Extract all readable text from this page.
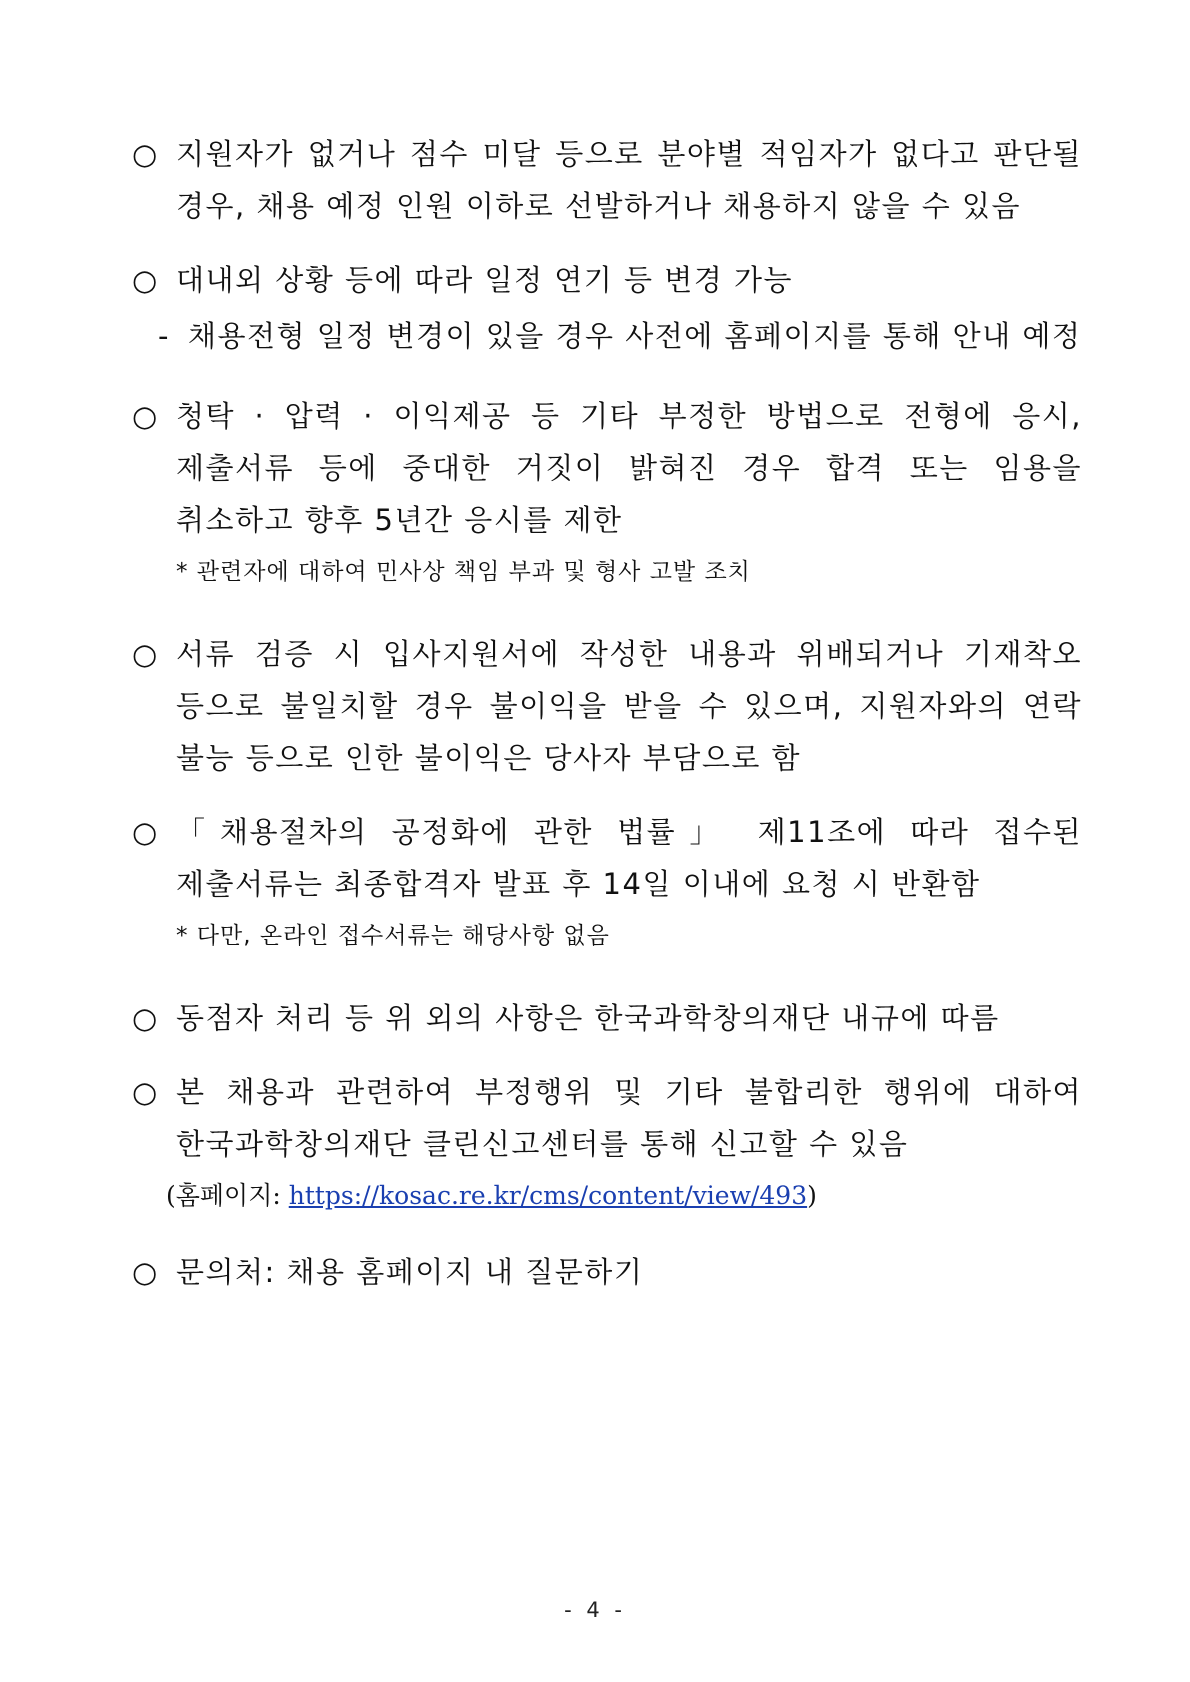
○ 지원자가 없거나 점수 미달 등으로 분야별 적임자가 없다고 판단될 경우, 채용 예정 인원 이하로 선발하거나 채용하지 않을 수 있음
○ 대내외 상황 등에 따라 일정 연기 등 변경 가능
- 채용전형 일정 변경이 있을 경우 사전에 홈페이지를 통해 안내 예정
○ 청탁 · 압력 · 이익제공 등 기타 부정한 방법으로 전형에 응시, 제출서류 등에 중대한 거짓이 밝혀진 경우 합격 또는 임용을 취소하고 향후 5년간 응시를 제한
* 관련자에 대하여 민사상 책임 부과 및 형사 고발 조치
○ 서류 검증 시 입사지원서에 작성한 내용과 위배되거나 기재착오 등으로 불일치할 경우 불이익을 받을 수 있으며, 지원자와의 연락 불능 등으로 인한 불이익은 당사자 부담으로 함
○ 「채용절차의 공정화에 관한 법률」 제11조에 따라 접수된 제출서류는 최종합격자 발표 후 14일 이내에 요청 시 반환함
* 다만, 온라인 접수서류는 해당사항 없음
○ 동점자 처리 등 위 외의 사항은 한국과학창의재단 내규에 따름
○ 본 채용과 관련하여 부정행위 및 기타 불합리한 행위에 대하여 한국과학창의재단 클린신고센터를 통해 신고할 수 있음
(홈페이지: https://kosac.re.kr/cms/content/view/493)
○ 문의처: 채용 홈페이지 내 질문하기
- 4 -
